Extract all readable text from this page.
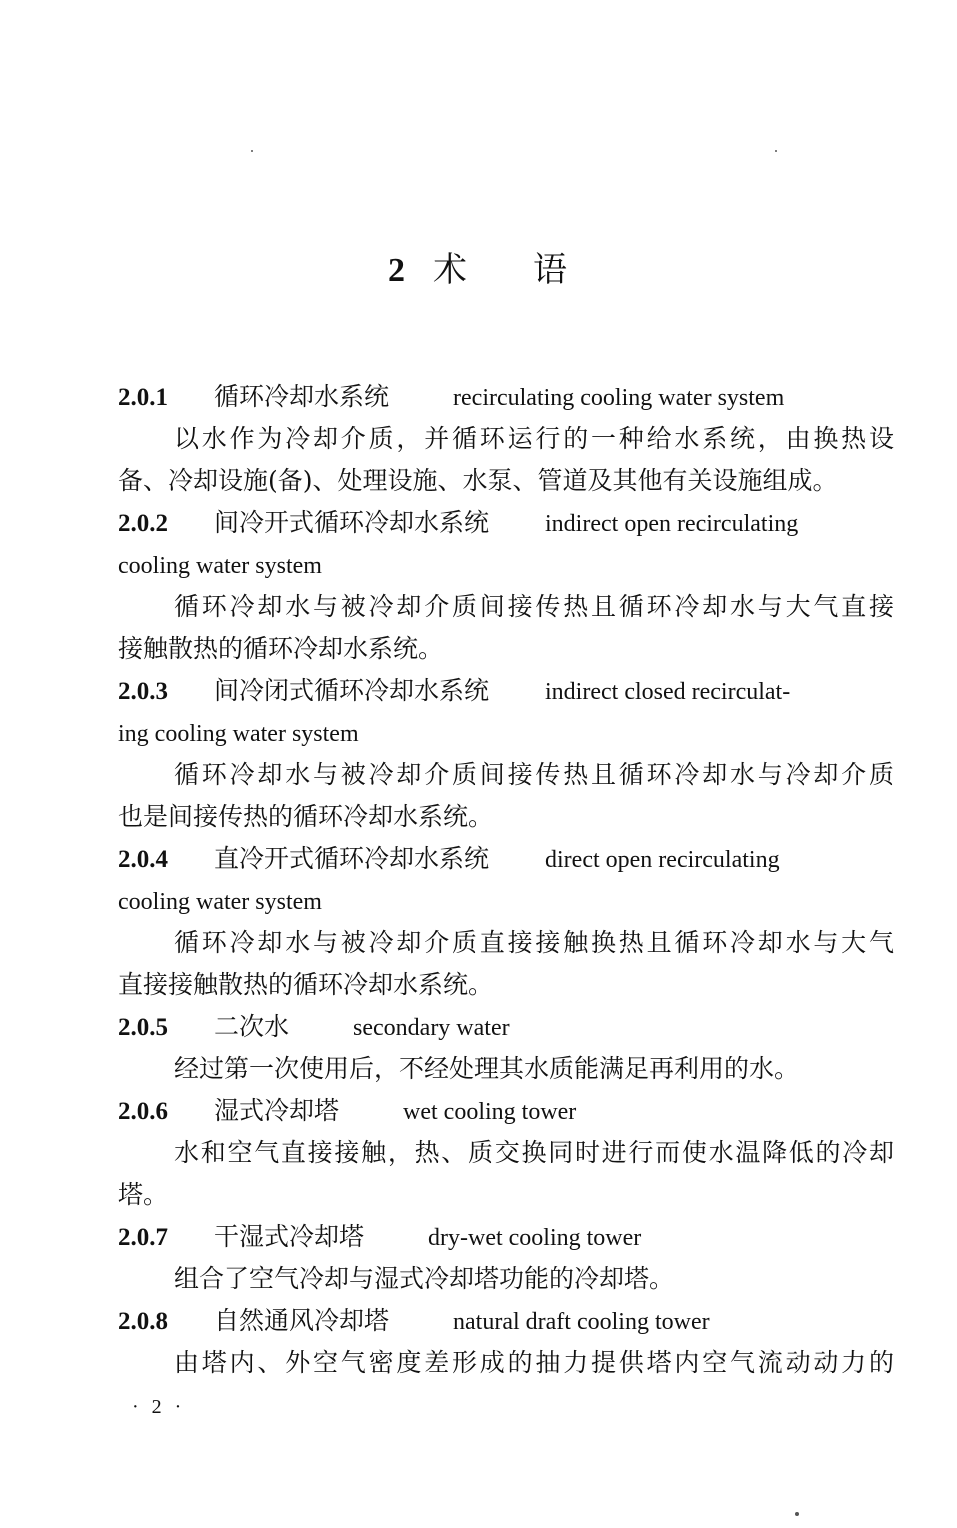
2 术 语
2.0.1 循环冷却水系统	recirculating cooling water system
以水作为冷却介质，并循环运行的一种给水系统，由换热设
备、冷却设施(备)、处理设施、水泵、管道及其他有关设施组成。
2.0.2 间冷开式循环冷却水系统 indirect open recirculating
cooling water system
循环冷却水与被冷却介质间接传热且循环冷却水与大气直接
接触散热的循环冷却水系统。
2.0.3 间冷闭式循环冷却水系统 indirect closed recirculat-
ing cooling water system
循环冷却水与被冷却介质间接传热且循环冷却水与冷却介质
也是间接传热的循环冷却水系统。
2.0.4 直冷开式循环冷却水系统 direct open recirculating
cooling water system
循环冷却水与被冷却介质直接接触换热且循环冷却水与大气
直接接触散热的循环冷却水系统。
2.0.5 二次水	secondary water
经过第一次使用后，不经处理其水质能满足再利用的水。
2.0.6 湿式冷却塔	wet cooling tower
水和空气直接接触，热、质交换同时进行而使水温降低的冷却
塔。
2.0.7 干湿式冷却塔	dry-wet cooling tower
组合了空气冷却与湿式冷却塔功能的冷却塔。
2.0.8 自然通风冷却塔	natural draft cooling tower
由塔内、外空气密度差形成的抽力提供塔内空气流动动力的
· 2 ·
